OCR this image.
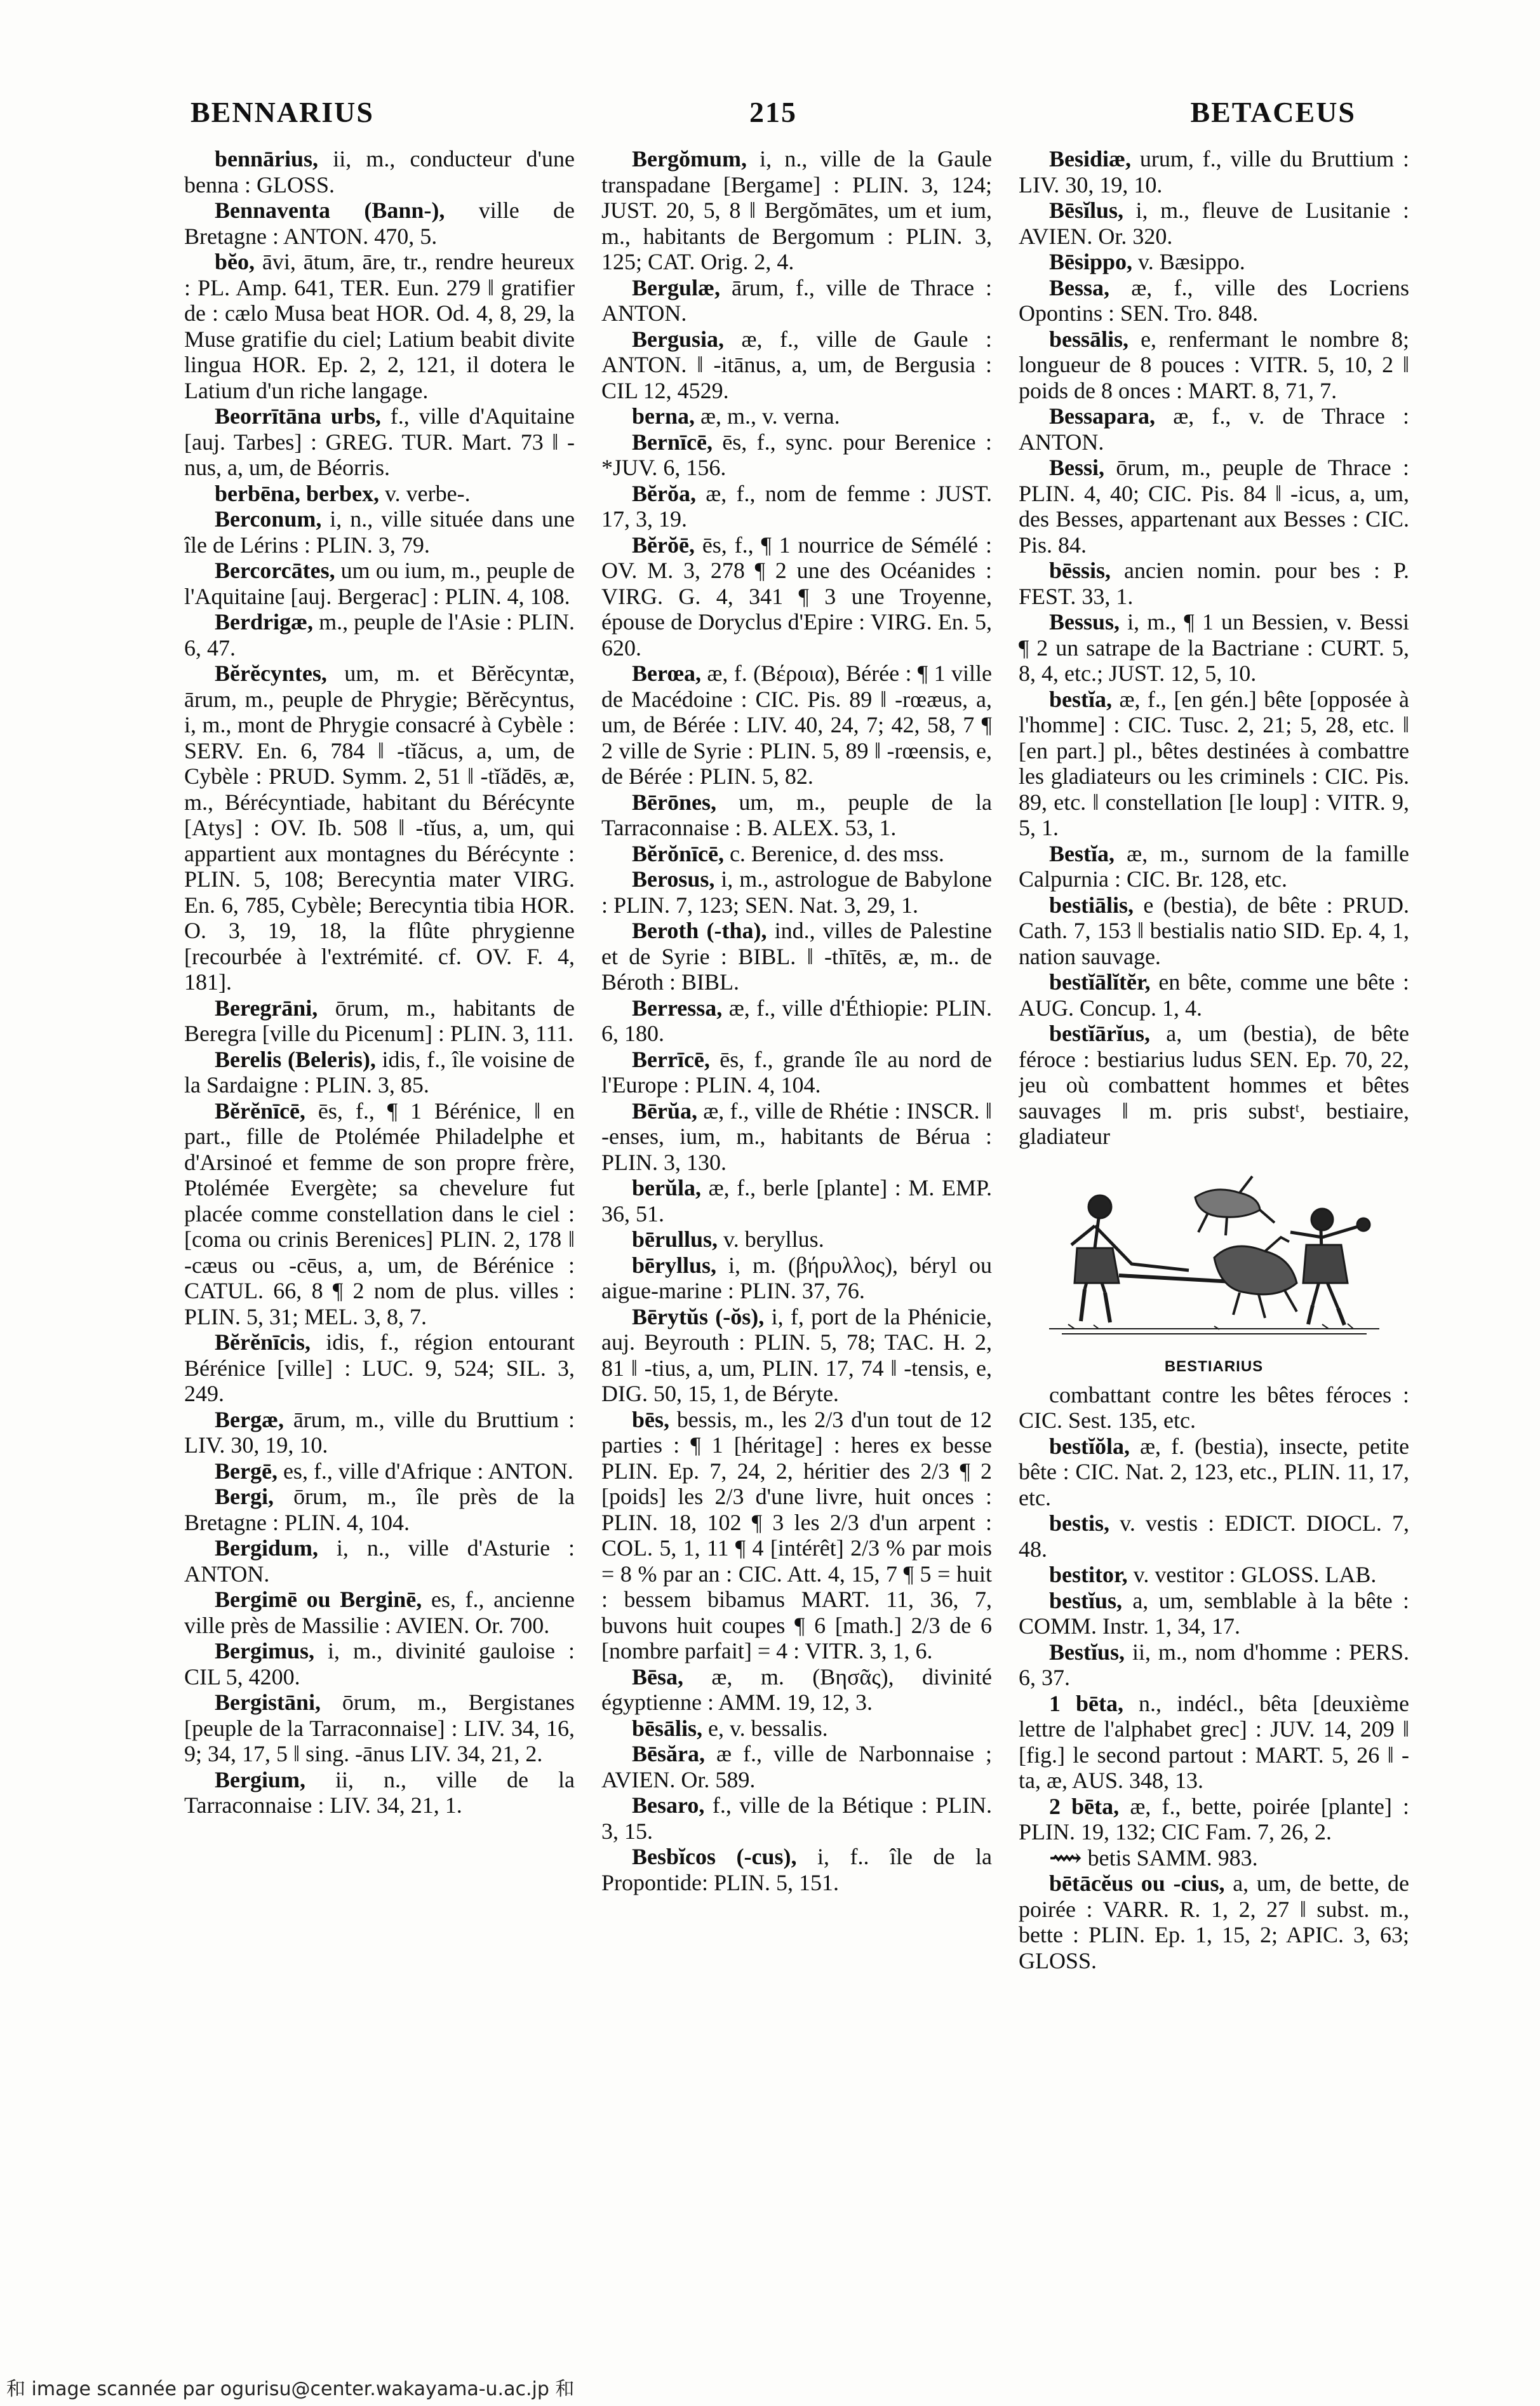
BENNARIUS	215	BETACEUS

bennārius, ii, m., conducteur d'une benna : GLOSS.

Bennaventa (Bann-), ville de Bretagne : ANTON. 470, 5.

bĕo, āvi, ātum, āre, tr., rendre heureux : PL. Amp. 641, TER. Eun. 279 ‖ gratifier de : cælo Musa beat HOR. Od. 4, 8, 29, la Muse gratifie du ciel; Latium beabit divite lingua HOR. Ep. 2, 2, 121, il dotera le Latium d'un riche langage.

Beorrītāna urbs, f., ville d'Aquitaine [auj. Tarbes] : GREG. TUR. Mart. 73 ‖ -nus, a, um, de Béorris.

berbēna, berbex, v. verbe-.

Berconum, i, n., ville située dans une île de Lérins : PLIN. 3, 79.

Bercorcātes, um ou ium, m., peuple de l'Aquitaine [auj. Bergerac] : PLIN. 4, 108.

Berdrigæ, m., peuple de l'Asie : PLIN. 6, 47.

Bĕrĕcyntes, um, m. et Bĕrĕcyntæ, ārum, m., peuple de Phrygie; Bĕrĕcyntus, i, m., mont de Phrygie consacré à Cybèle : SERV. En. 6, 784 ‖ -tĭăcus, a, um, de Cybèle : PRUD. Symm. 2, 51 ‖ -tĭădēs, æ, m., Bérécyntiade, habitant du Bérécynte [Atys] : OV. Ib. 508 ‖ -tĭus, a, um, qui appartient aux montagnes du Bérécynte : PLIN. 5, 108; Berecyntia mater VIRG. En. 6, 785, Cybèle; Berecyntia tibia HOR. O. 3, 19, 18, la flûte phrygienne [recourbée à l'extrémité. cf. OV. F. 4, 181].

Beregrāni, ōrum, m., habitants de Beregra [ville du Picenum] : PLIN. 3, 111.

Berelis (Beleris), idis, f., île voisine de la Sardaigne : PLIN. 3, 85.

Bĕrĕnīcē, ēs, f., ¶ 1 Bérénice, ‖ en part., fille de Ptolémée Philadelphe et d'Arsinoé et femme de son propre frère, Ptolémée Evergète; sa chevelure fut placée comme constellation dans le ciel : [coma ou crinis Berenices] PLIN. 2, 178 ‖ -cæus ou -cēus, a, um, de Bérénice : CATUL. 66, 8 ¶ 2 nom de plus. villes : PLIN. 5, 31; MEL. 3, 8, 7.

Bĕrĕnīcis, idis, f., région entourant Bérénice [ville] : LUC. 9, 524; SIL. 3, 249.

Bergæ, ārum, m., ville du Bruttium : LIV. 30, 19, 10.

Bergē, es, f., ville d'Afrique : ANTON.

Bergi, ōrum, m., île près de la Bretagne : PLIN. 4, 104.

Bergidum, i, n., ville d'Asturie : ANTON.

Bergimē ou Berginē, es, f., ancienne ville près de Massilie : AVIEN. Or. 700.

Bergimus, i, m., divinité gauloise : CIL 5, 4200.

Bergistāni, ōrum, m., Bergistanes [peuple de la Tarraconnaise] : LIV. 34, 16, 9; 34, 17, 5 ‖ sing. -ānus LIV. 34, 21, 2.

Bergium, ii, n., ville de la Tarraconnaise : LIV. 34, 21, 1.

Bergŏmum, i, n., ville de la Gaule transpadane [Bergame] : PLIN. 3, 124; JUST. 20, 5, 8 ‖ Bergŏmātes, um et ium, m., habitants de Bergomum : PLIN. 3, 125; CAT. Orig. 2, 4.

Bergulæ, ārum, f., ville de Thrace : ANTON.

Bergusia, æ, f., ville de Gaule : ANTON. ‖ -itānus, a, um, de Bergusia : CIL 12, 4529.

berna, æ, m., v. verna.

Bernīcē, ēs, f., sync. pour Berenice : *JUV. 6, 156.

Bĕrŏa, æ, f., nom de femme : JUST. 17, 3, 19.

Bĕrŏē, ēs, f., ¶ 1 nourrice de Sémélé : OV. M. 3, 278 ¶ 2 une des Océanides : VIRG. G. 4, 341 ¶ 3 une Troyenne, épouse de Doryclus d'Epire : VIRG. En. 5, 620.

Berœa, æ, f. (Βέροια), Bérée : ¶ 1 ville de Macédoine : CIC. Pis. 89 ‖ -rœæus, a, um, de Bérée : LIV. 40, 24, 7; 42, 58, 7 ¶ 2 ville de Syrie : PLIN. 5, 89 ‖ -rœensis, e, de Bérée : PLIN. 5, 82.

Bērōnes, um, m., peuple de la Tarraconnaise : B. ALEX. 53, 1.

Bĕrŏnīcē, c. Berenice, d. des mss.

Berosus, i, m., astrologue de Babylone : PLIN. 7, 123; SEN. Nat. 3, 29, 1.

Beroth (-tha), ind., villes de Palestine et de Syrie : BIBL. ‖ -thītēs, æ, m.. de Béroth : BIBL.

Berressa, æ, f., ville d'Éthiopie: PLIN. 6, 180.

Berrīcē, ēs, f., grande île au nord de l'Europe : PLIN. 4, 104.

Bērŭa, æ, f., ville de Rhétie : INSCR. ‖ -enses, ium, m., habitants de Bérua : PLIN. 3, 130.

berŭla, æ, f., berle [plante] : M. EMP. 36, 51.

bērullus, v. beryllus.

bēryllus, i, m. (βήρυλλος), béryl ou aigue-marine : PLIN. 37, 76.

Bērytŭs (-ŏs), i, f, port de la Phénicie, auj. Beyrouth : PLIN. 5, 78; TAC. H. 2, 81 ‖ -tius, a, um, PLIN. 17, 74 ‖ -tensis, e, DIG. 50, 15, 1, de Béryte.

bēs, bessis, m., les 2/3 d'un tout de 12 parties : ¶ 1 [héritage] : heres ex besse PLIN. Ep. 7, 24, 2, héritier des 2/3 ¶ 2 [poids] les 2/3 d'une livre, huit onces : PLIN. 18, 102 ¶ 3 les 2/3 d'un arpent : COL. 5, 1, 11 ¶ 4 [intérêt] 2/3 % par mois = 8 % par an : CIC. Att. 4, 15, 7 ¶ 5 = huit : bessem bibamus MART. 11, 36, 7, buvons huit coupes ¶ 6 [math.] 2/3 de 6 [nombre parfait] = 4 : VITR. 3, 1, 6.

Bēsa, æ, m. (Βησᾶς), divinité égyptienne : AMM. 19, 12, 3.

bēsālis, e, v. bessalis.

Bēsăra, æ f., ville de Narbonnaise ; AVIEN. Or. 589.

Besaro, f., ville de la Bétique : PLIN. 3, 15.

Besbĭcos (-cus), i, f.. île de la Propontide: PLIN. 5, 151.

Besidiæ, urum, f., ville du Bruttium : LIV. 30, 19, 10.

Bēsĭlus, i, m., fleuve de Lusitanie : AVIEN. Or. 320.

Bēsippo, v. Bæsippo.

Bessa, æ, f., ville des Locriens Opontins : SEN. Tro. 848.

bessālis, e, renfermant le nombre 8; longueur de 8 pouces : VITR. 5, 10, 2 ‖ poids de 8 onces : MART. 8, 71, 7.

Bessapara, æ, f., v. de Thrace : ANTON.

Bessi, ōrum, m., peuple de Thrace : PLIN. 4, 40; CIC. Pis. 84 ‖ -icus, a, um, des Besses, appartenant aux Besses : CIC. Pis. 84.

bēssis, ancien nomin. pour bes : P. FEST. 33, 1.

Bessus, i, m., ¶ 1 un Bessien, v. Bessi ¶ 2 un satrape de la Bactriane : CURT. 5, 8, 4, etc.; JUST. 12, 5, 10.

bestĭa, æ, f., [en gén.] bête [opposée à l'homme] : CIC. Tusc. 2, 21; 5, 28, etc. ‖ [en part.] pl., bêtes destinées à combattre les gladiateurs ou les criminels : CIC. Pis. 89, etc. ‖ constellation [le loup] : VITR. 9, 5, 1.

Bestĭa, æ, m., surnom de la famille Calpurnia : CIC. Br. 128, etc.

bestiālis, e (bestia), de bête : PRUD. Cath. 7, 153 ‖ bestialis natio SID. Ep. 4, 1, nation sauvage.

bestĭālĭtĕr, en bête, comme une bête : AUG. Concup. 1, 4.

bestĭārĭus, a, um (bestia), de bête féroce : bestiarius ludus SEN. Ep. 70, 22, jeu où combattent hommes et bêtes sauvages ‖ m. pris substᵗ, bestiaire, gladiateur

BESTIARIUS

combattant contre les bêtes féroces : CIC. Sest. 135, etc.

bestĭŏla, æ, f. (bestia), insecte, petite bête : CIC. Nat. 2, 123, etc., PLIN. 11, 17, etc.

bestis, v. vestis : EDICT. DIOCL. 7, 48.

bestitor, v. vestitor : GLOSS. LAB.

bestĭus, a, um, semblable à la bête : COMM. Instr. 1, 34, 17.

Bestĭus, ii, m., nom d'homme : PERS. 6, 37.

1 bēta, n., indécl., bêta [deuxième lettre de l'alphabet grec] : JUV. 14, 209 ‖ [fig.] le second partout : MART. 5, 26 ‖ -ta, æ, AUS. 348, 13.

2 bēta, æ, f., bette, poirée [plante] : PLIN. 19, 132; CIC Fam. 7, 26, 2.

⟿ betis SAMM. 983.

bētācĕus ou -cius, a, um, de bette, de poirée : VARR. R. 1, 2, 27 ‖ subst. m., bette : PLIN. Ep. 1, 15, 2; APIC. 3, 63; GLOSS.

和 image scannée par ogurisu@center.wakayama-u.ac.jp 和
